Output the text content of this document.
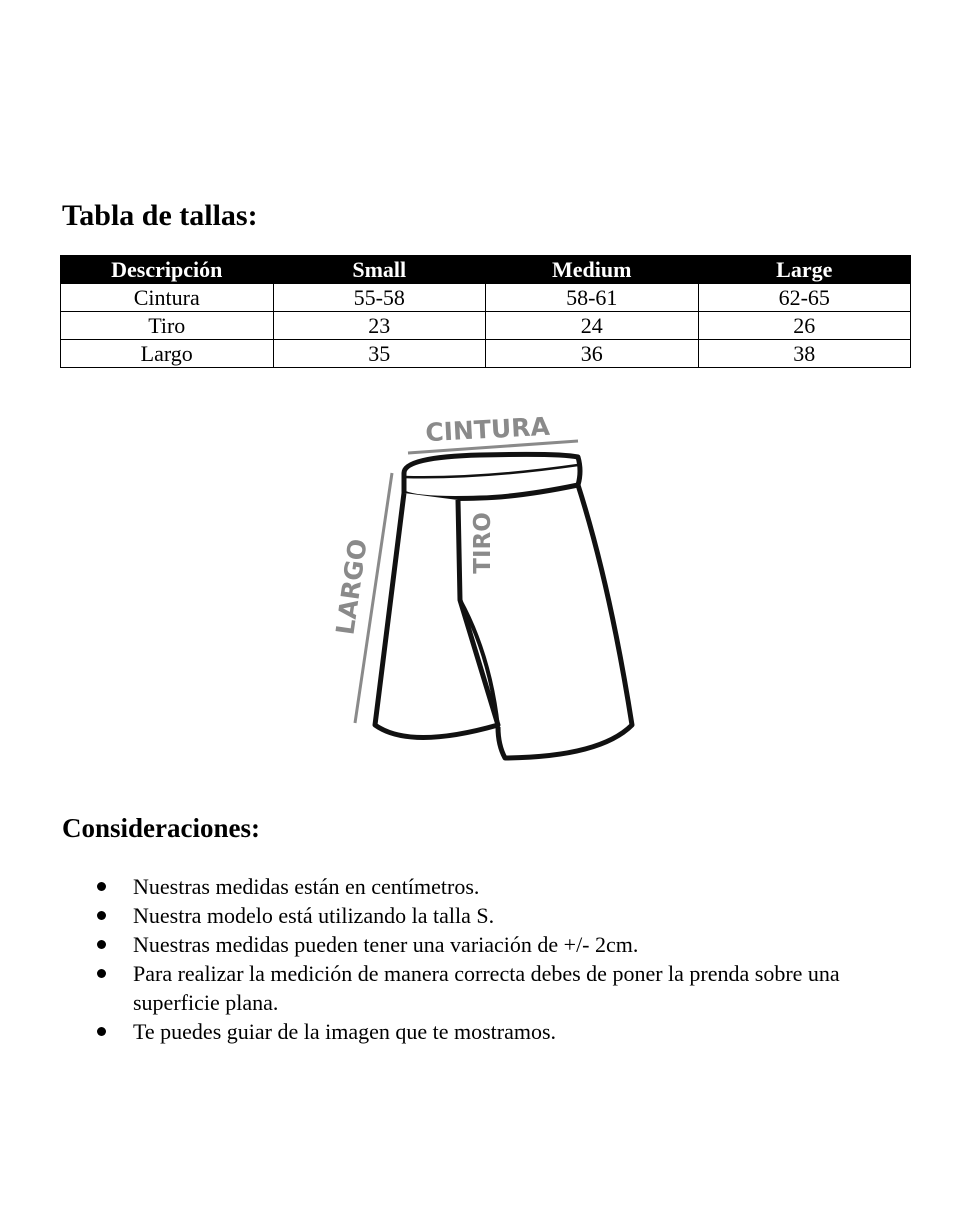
Tabla de tallas:
Descripción	Small	Medium	Large
Cintura	55-58	58-61	62-65
Tiro	23	24	26
Largo	35	36	38
CINTURA
LARGO	TIRO
Consideraciones:
Nuestras medidas están en centímetros.
Nuestra modelo está utilizando la talla S.
Nuestras medidas pueden tener una variación de +/- 2cm.
Para realizar la medición de manera correcta debes de poner la prenda sobre una superficie plana.
Te puedes guiar de la imagen que te mostramos.
